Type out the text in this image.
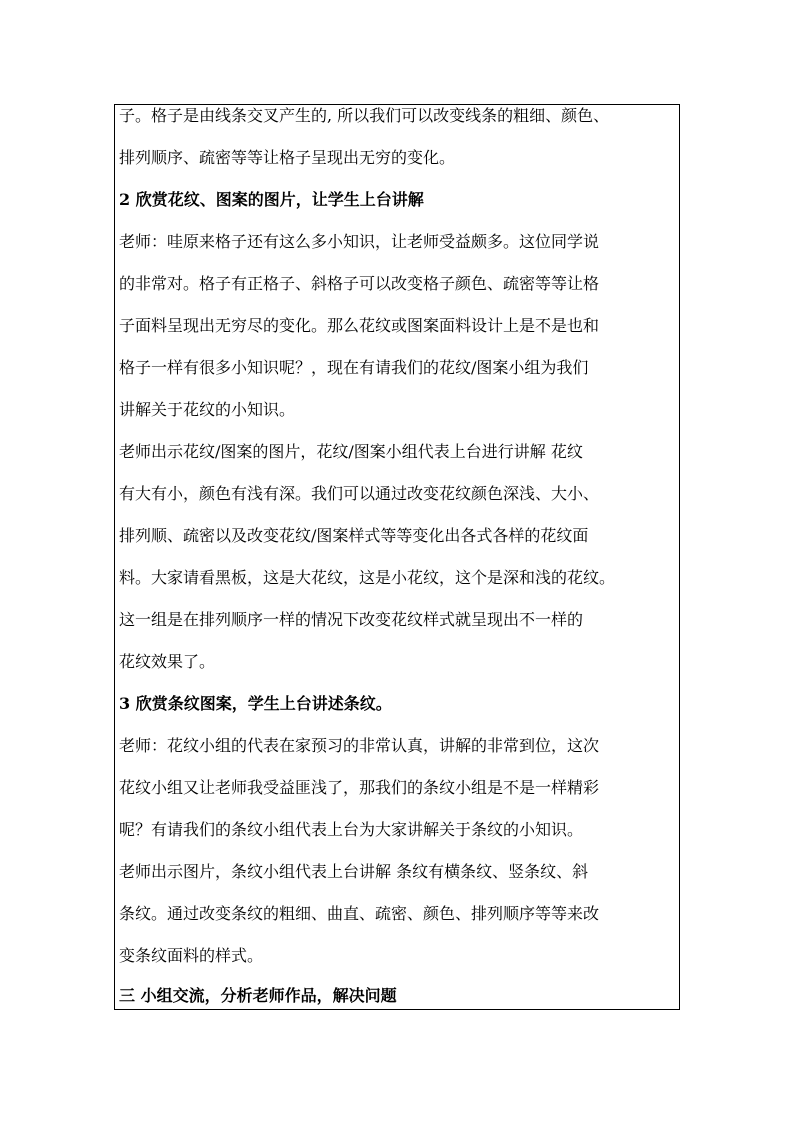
子。格子是由线条交叉产生的, 所以我们可以改变线条的粗细、颜色、
排列顺序、疏密等等让格子呈现出无穷的变化。
2 欣赏花纹、图案的图片，让学生上台讲解
老师：哇原来格子还有这么多小知识，让老师受益颇多。这位同学说
的非常对。格子有正格子、斜格子可以改变格子颜色、疏密等等让格
子面料呈现出无穷尽的变化。那么花纹或图案面料设计上是不是也和
格子一样有很多小知识呢？，现在有请我们的花纹/图案小组为我们
讲解关于花纹的小知识。
老师出示花纹/图案的图片，花纹/图案小组代表上台进行讲解 花纹
有大有小，颜色有浅有深。我们可以通过改变花纹颜色深浅、大小、
排列顺、疏密以及改变花纹/图案样式等等变化出各式各样的花纹面
料。大家请看黑板，这是大花纹，这是小花纹，这个是深和浅的花纹。
这一组是在排列顺序一样的情况下改变花纹样式就呈现出不一样的
花纹效果了。
3 欣赏条纹图案，学生上台讲述条纹。
老师：花纹小组的代表在家预习的非常认真，讲解的非常到位，这次
花纹小组又让老师我受益匪浅了，那我们的条纹小组是不是一样精彩
呢？有请我们的条纹小组代表上台为大家讲解关于条纹的小知识。
老师出示图片，条纹小组代表上台讲解 条纹有横条纹、竖条纹、斜
条纹。通过改变条纹的粗细、曲直、疏密、颜色、排列顺序等等来改
变条纹面料的样式。
三 小组交流，分析老师作品，解决问题
